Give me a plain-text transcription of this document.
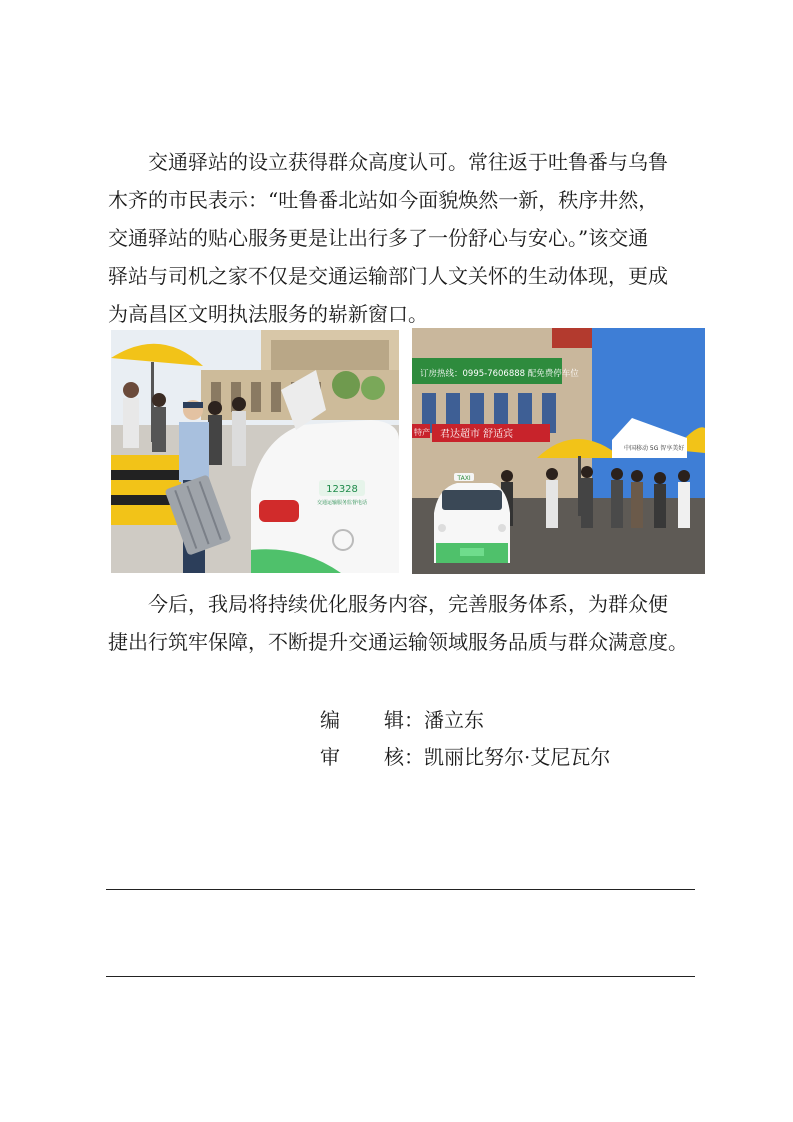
　　交通驿站的设立获得群众高度认可。常往返于吐鲁番与乌鲁
木齐的市民表示：“吐鲁番北站如今面貌焕然一新，秩序井然，
交通驿站的贴心服务更是让出行多了一份舒心与安心。”该交通
驿站与司机之家不仅是交通运输部门人文关怀的生动体现，更成
为高昌区文明执法服务的崭新窗口。
12328
交通运输服务监督电话
订房热线：0995-7606888 配免费停车位
特产 君达超市 舒适宾
中国移动 5G 智享美好
TAXI
　　今后，我局将持续优化服务内容，完善服务体系，为群众便
捷出行筑牢保障，不断提升交通运输领域服务品质与群众满意度。
编 辑 ：潘立东
审 核 ：凯丽比努尔·艾尼瓦尔
